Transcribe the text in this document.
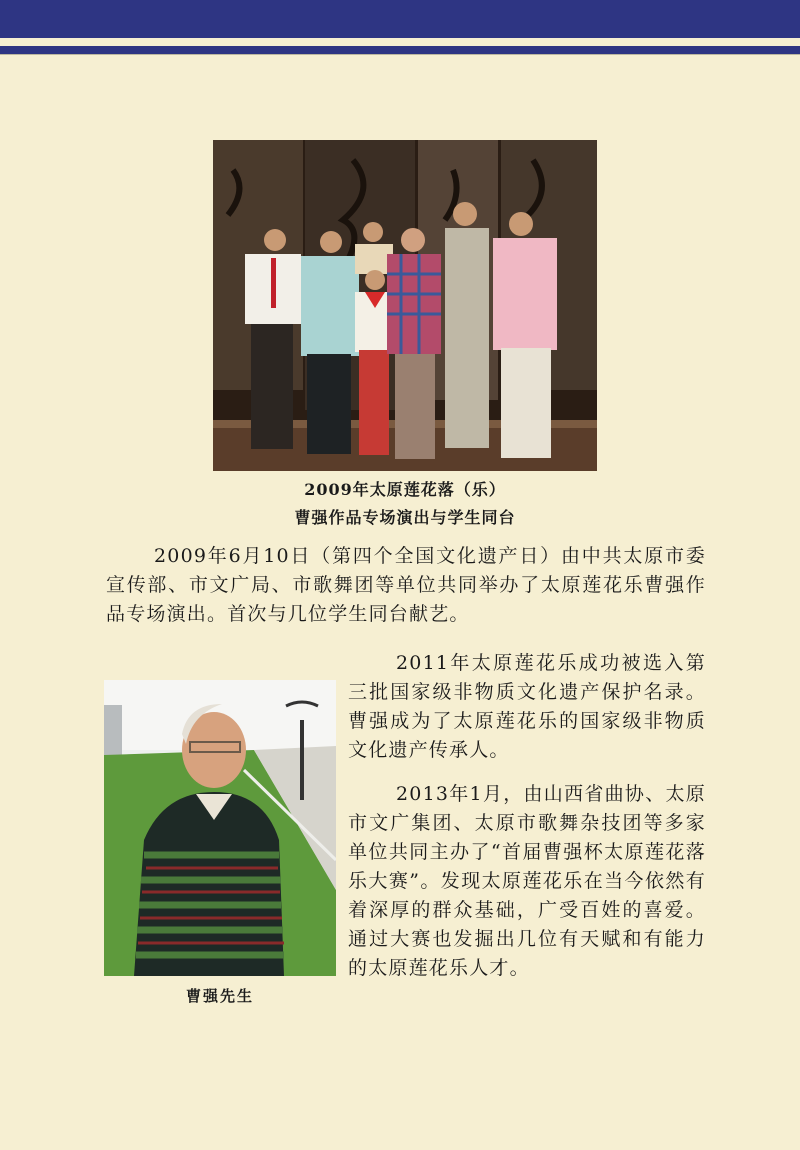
2009年太原莲花落（乐）
曹强作品专场演出与学生同台

2009年6月10日（第四个全国文化遗产日）由中共太原市委宣传部、市文广局、市歌舞团等单位共同举办了太原莲花乐曹强作品专场演出。首次与几位学生同台献艺。

曹强先生

2011年太原莲花乐成功被选入第三批国家级非物质文化遗产保护名录。曹强成为了太原莲花乐的国家级非物质文化遗产传承人。

2013年1月，由山西省曲协、太原市文广集团、太原市歌舞杂技团等多家单位共同主办了“首届曹强杯太原莲花落乐大赛”。发现太原莲花乐在当今依然有着深厚的群众基础，广受百姓的喜爱。通过大赛也发掘出几位有天赋和有能力的太原莲花乐人才。
